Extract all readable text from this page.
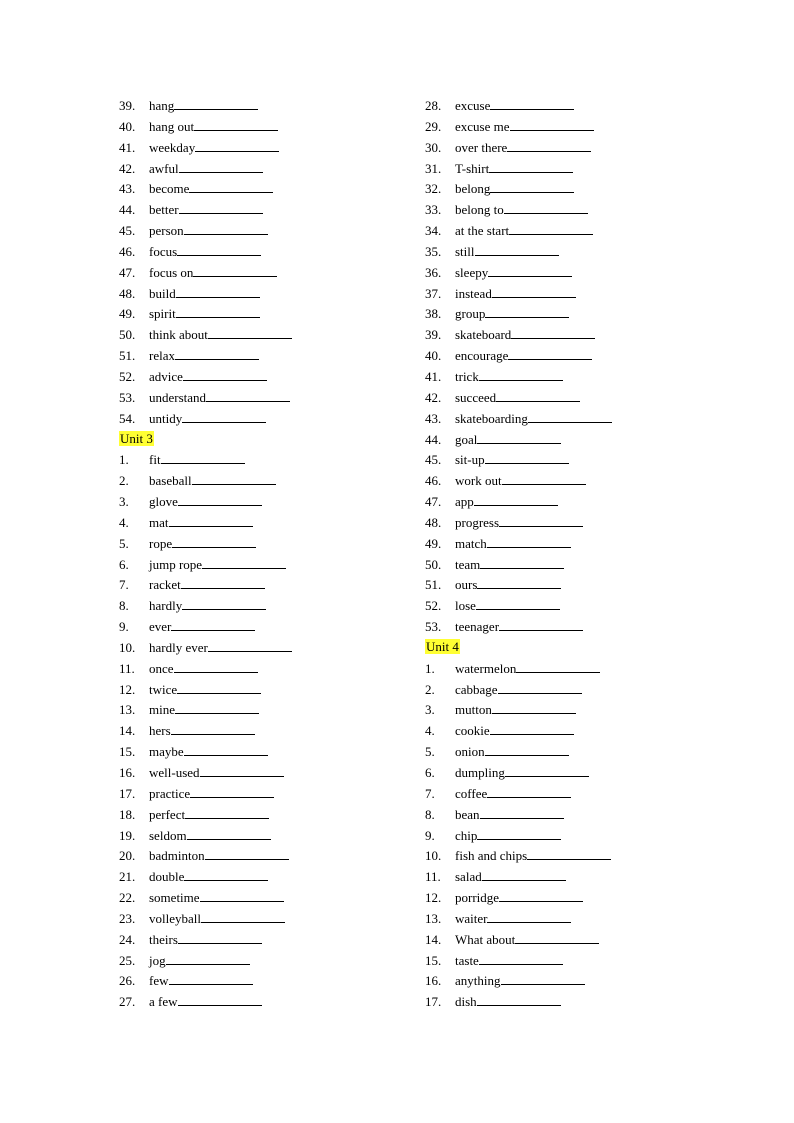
39. hang
40. hang out
41. weekday
42. awful
43. become
44. better
45. person
46. focus
47. focus on
48. build
49. spirit
50. think about
51. relax
52. advice
53. understand
54. untidy
Unit 3
1. fit
2. baseball
3. glove
4. mat
5. rope
6. jump rope
7. racket
8. hardly
9. ever
10. hardly ever
11. once
12. twice
13. mine
14. hers
15. maybe
16. well-used
17. practice
18. perfect
19. seldom
20. badminton
21. double
22. sometime
23. volleyball
24. theirs
25. jog
26. few
27. a few
28. excuse
29. excuse me
30. over there
31. T-shirt
32. belong
33. belong to
34. at the start
35. still
36. sleepy
37. instead
38. group
39. skateboard
40. encourage
41. trick
42. succeed
43. skateboarding
44. goal
45. sit-up
46. work out
47. app
48. progress
49. match
50. team
51. ours
52. lose
53. teenager
Unit 4
1. watermelon
2. cabbage
3. mutton
4. cookie
5. onion
6. dumpling
7. coffee
8. bean
9. chip
10. fish and chips
11. salad
12. porridge
13. waiter
14. What about
15. taste
16. anything
17. dish
